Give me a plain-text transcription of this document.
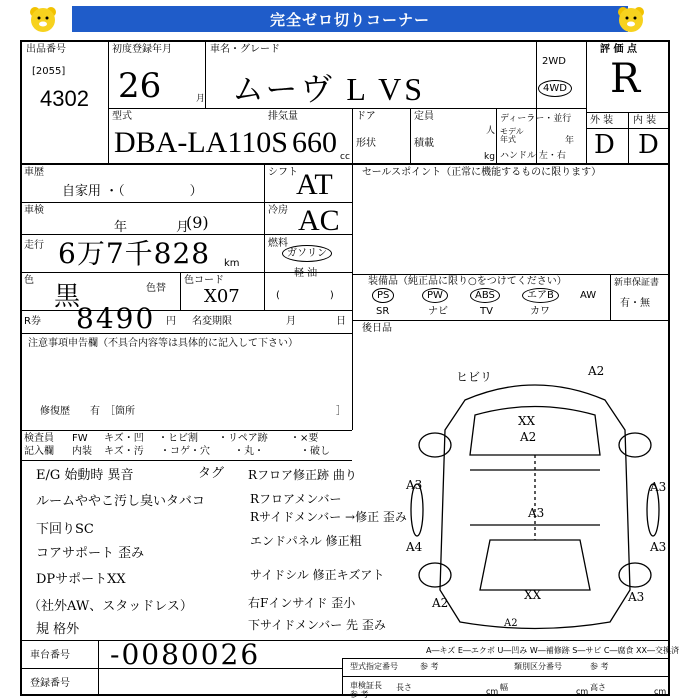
完全ゼロ切りコーナー
出品番号
[2055]
4302
初度登録年月
26	月
車名・グレード
ムーヴ L VS
2WD
4WD
評 価 点
R
外 装 内 装
D D
型式
DBA-LA110S
排気量
660 cc
ドア
形状
定員
人
積載
kg
ディーラー・並行
モデル 年式	年
ハンドル 左・右
車歴
自家用 ・（　　　　　）
シフト
AT
車検
年	月
(9)
冷房 AC
走行 6万7千828 km
燃料
ガソリン
軽 油
(　　　　　)
色
黒	色替
色コード
X07
R券 8490 円 名変期限	月	日
セールスポイント（正常に機能するものに限ります）
装備品（純正品に限り○をつけてください）	新車保証書
有・無
PS	PW	ABS	エアB	AW
SR	ナビ	TV	カワ
後日品
注意事項申告欄（不具合内容等は具体的に記入して下さい）
修復歴　　有　［箇所	］
検査員
記入欄
FW キズ・凹 ・ヒビ割 ・リペア跡 ・×要
内装 キズ・汚 ・コゲ・穴 ・丸・	・破し
E/G 始動時 異音
ルームややこ汚し臭いタバコ
下回りSC
コアサポート 歪み
DPサポートXX
（社外AW、スタッドレス）
規 格外
タグ Rフロア修正跡 曲り
Rフロアメンバー
Rサイドメンバー →修正 歪み
エンドパネル 修正粗
サイドシル 修正キズアト
右Fインサイド 歪小
下サイドメンバー 先 歪み
ヒビリ	A2
XX
A2
A3	A3
A3
A4	A3
A3
A2
XX
A2
A―キズ E―エクボ U―凹み W―補修跡 S―サビ C―腐食 XX―交換済
車台番号 -0080026
登録番号
型式指定番号	参 考	類別区分番号	参 考
車検証長
参 考
長さ	cm 幅	cm 高さ	cm
